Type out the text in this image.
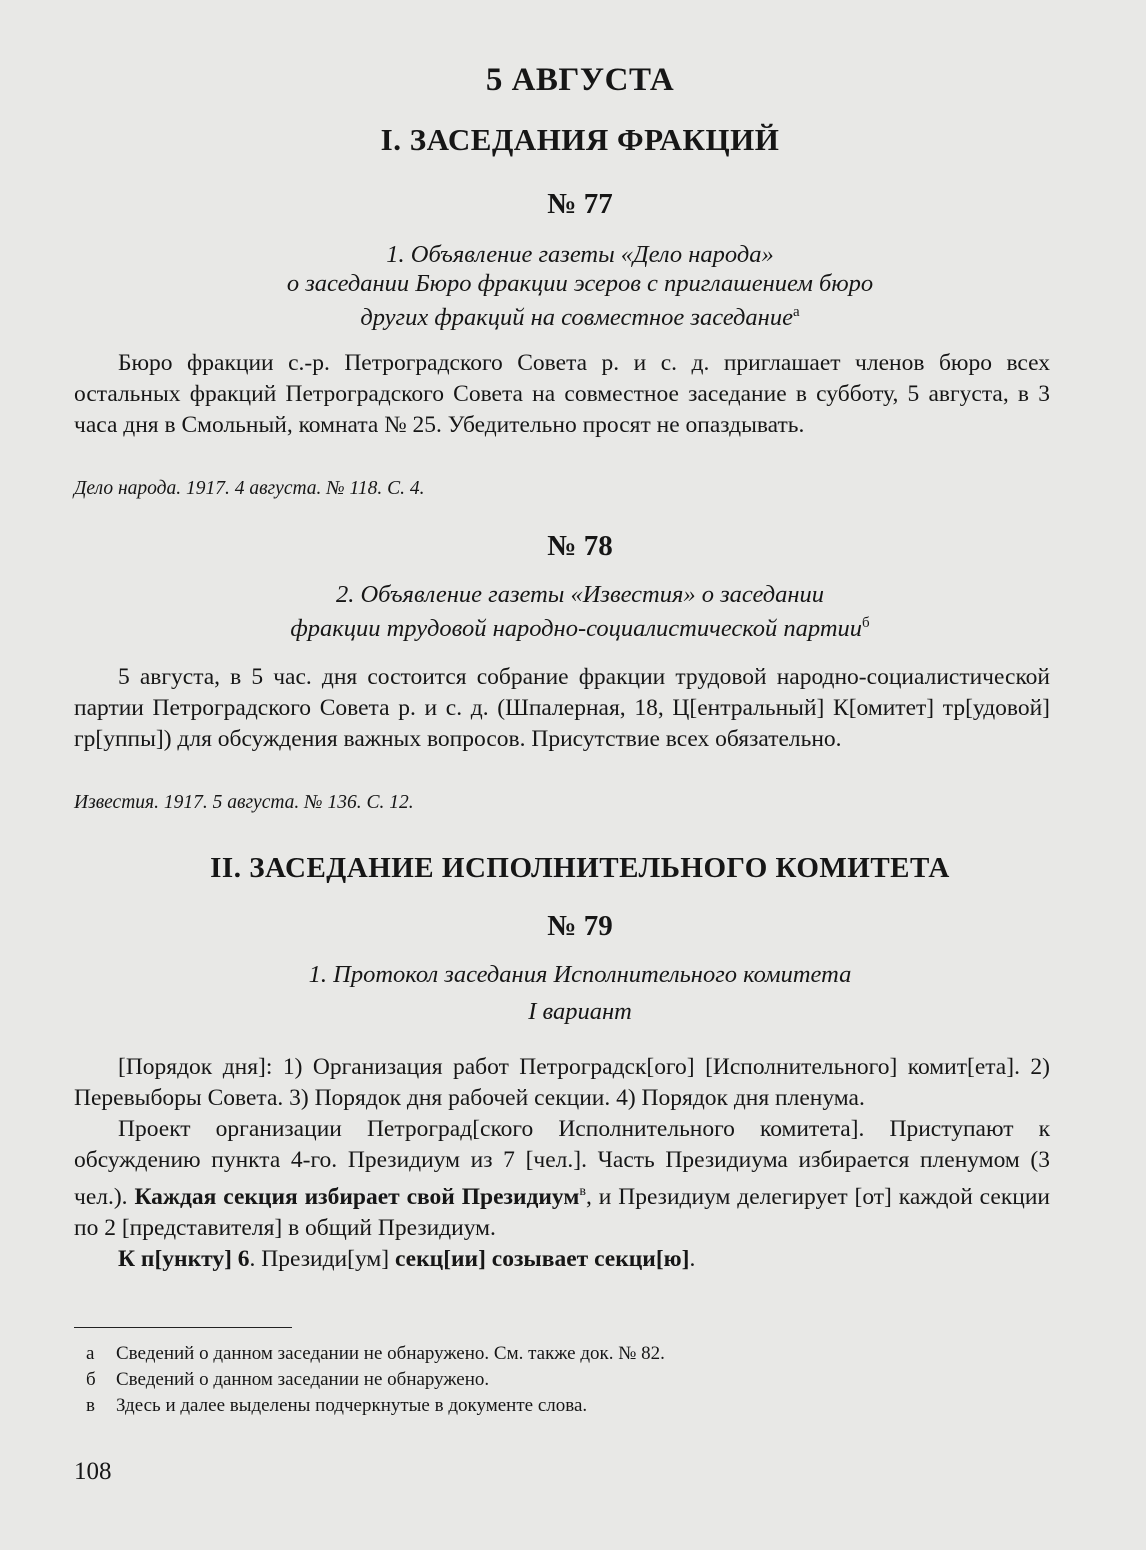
5 АВГУСТА
I. ЗАСЕДАНИЯ ФРАКЦИЙ
№ 77
1. Объявление газеты «Дело народа»
о заседании Бюро фракции эсеров с приглашением бюро
других фракций на совместное заседание$^а$

Бюро фракции с.-р. Петроградского Совета р. и с. д. приглашает членов бюро всех остальных фракций Петроградского Совета на совместное заседание в субботу, 5 августа, в 3 часа дня в Смольный, комната № 25. Убедительно просят не опаздывать.

Дело народа. 1917. 4 августа. № 118. С. 4.
№ 78
2. Объявление газеты «Известия» о заседании
фракции трудовой народно-социалистической партии$^б$

5 августа, в 5 час. дня состоится собрание фракции трудовой народно-социалистической партии Петроградского Совета р. и с. д. (Шпалерная, 18, Ц[ентральный] К[омитет] тр[удовой] гр[уппы]) для обсуждения важных вопросов. Присутствие всех обязательно.

Известия. 1917. 5 августа. № 136. С. 12.
II. ЗАСЕДАНИЕ ИСПОЛНИТЕЛЬНОГО КОМИТЕТА
№ 79
1. Протокол заседания Исполнительного комитета
I вариант

[Порядок дня]: 1) Организация работ Петроградск[ого] [Исполнительного] комит[ета]. 2) Перевыборы Совета. 3) Порядок дня рабочей секции. 4) Порядок дня пленума.

Проект организации Петроград[ского Исполнительного комитета]. Приступают к обсуждению пункта 4-го. Президиум из 7 [чел.]. Часть Президиума избирается пленумом (3 чел.). Каждая секция избирает свой Президиум$^в$, и Президиум делегирует [от] каждой секции по 2 [представителя] в общий Президиум.

К п[ункту] 6. Президи[ум] секц[ии] созывает секци[ю].

а	Сведений о данном заседании не обнаружено. См. также док. № 82.
б	Сведений о данном заседании не обнаружено.
в	Здесь и далее выделены подчеркнутые в документе слова.
108
